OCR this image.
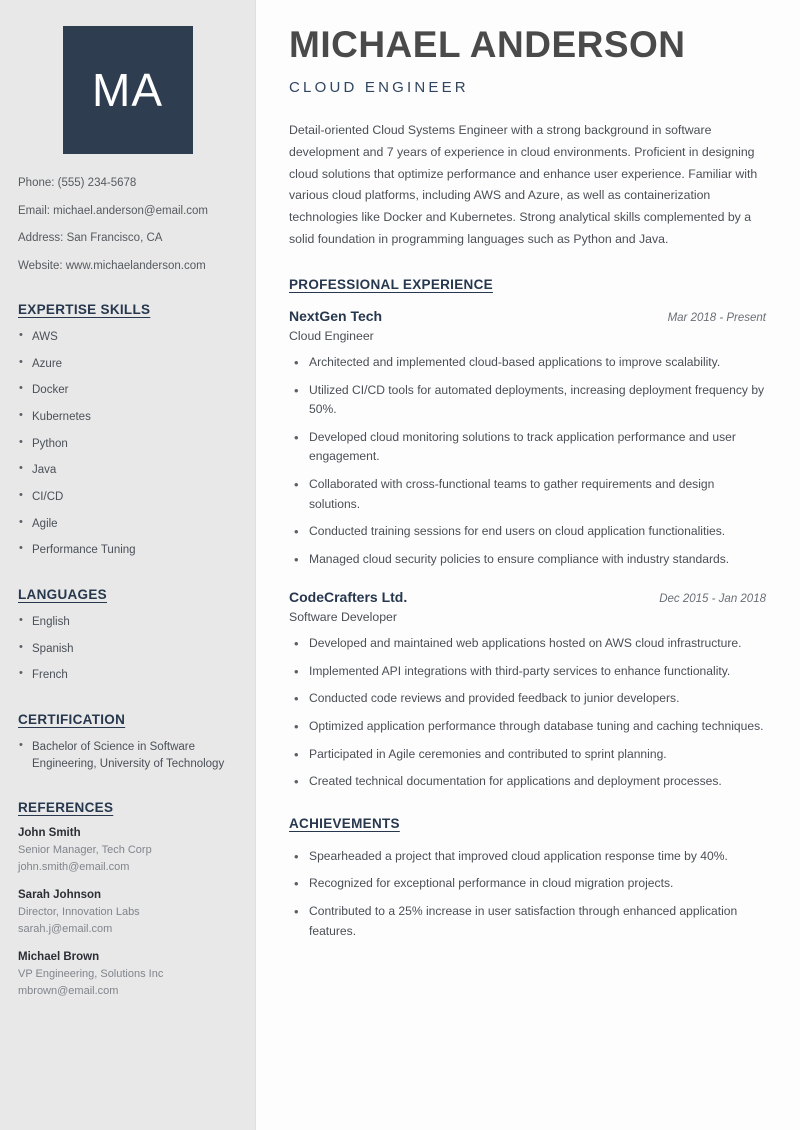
MA
Phone: (555) 234-5678
Email: michael.anderson@email.com
Address: San Francisco, CA
Website: www.michaelanderson.com
EXPERTISE SKILLS
• AWS
• Azure
• Docker
• Kubernetes
• Python
• Java
• CI/CD
• Agile
• Performance Tuning
LANGUAGES
• English
• Spanish
• French
CERTIFICATION
• Bachelor of Science in Software Engineering, University of Technology
REFERENCES
John Smith
Senior Manager, Tech Corp
john.smith@email.com
Sarah Johnson
Director, Innovation Labs
sarah.j@email.com
Michael Brown
VP Engineering, Solutions Inc
mbrown@email.com
MICHAEL ANDERSON
CLOUD ENGINEER

Detail-oriented Cloud Systems Engineer with a strong background in software development and 7 years of experience in cloud environments. Proficient in designing cloud solutions that optimize performance and enhance user experience. Familiar with various cloud platforms, including AWS and Azure, as well as containerization technologies like Docker and Kubernetes. Strong analytical skills complemented by a solid foundation in programming languages such as Python and Java.

PROFESSIONAL EXPERIENCE
NextGen Tech	Mar 2018 - Present
Cloud Engineer
• Architected and implemented cloud-based applications to improve scalability.
• Utilized CI/CD tools for automated deployments, increasing deployment frequency by 50%.
• Developed cloud monitoring solutions to track application performance and user engagement.
• Collaborated with cross-functional teams to gather requirements and design solutions.
• Conducted training sessions for end users on cloud application functionalities.
• Managed cloud security policies to ensure compliance with industry standards.
CodeCrafters Ltd.	Dec 2015 - Jan 2018
Software Developer
• Developed and maintained web applications hosted on AWS cloud infrastructure.
• Implemented API integrations with third-party services to enhance functionality.
• Conducted code reviews and provided feedback to junior developers.
• Optimized application performance through database tuning and caching techniques.
• Participated in Agile ceremonies and contributed to sprint planning.
• Created technical documentation for applications and deployment processes.
ACHIEVEMENTS
• Spearheaded a project that improved cloud application response time by 40%.
• Recognized for exceptional performance in cloud migration projects.
• Contributed to a 25% increase in user satisfaction through enhanced application features.
